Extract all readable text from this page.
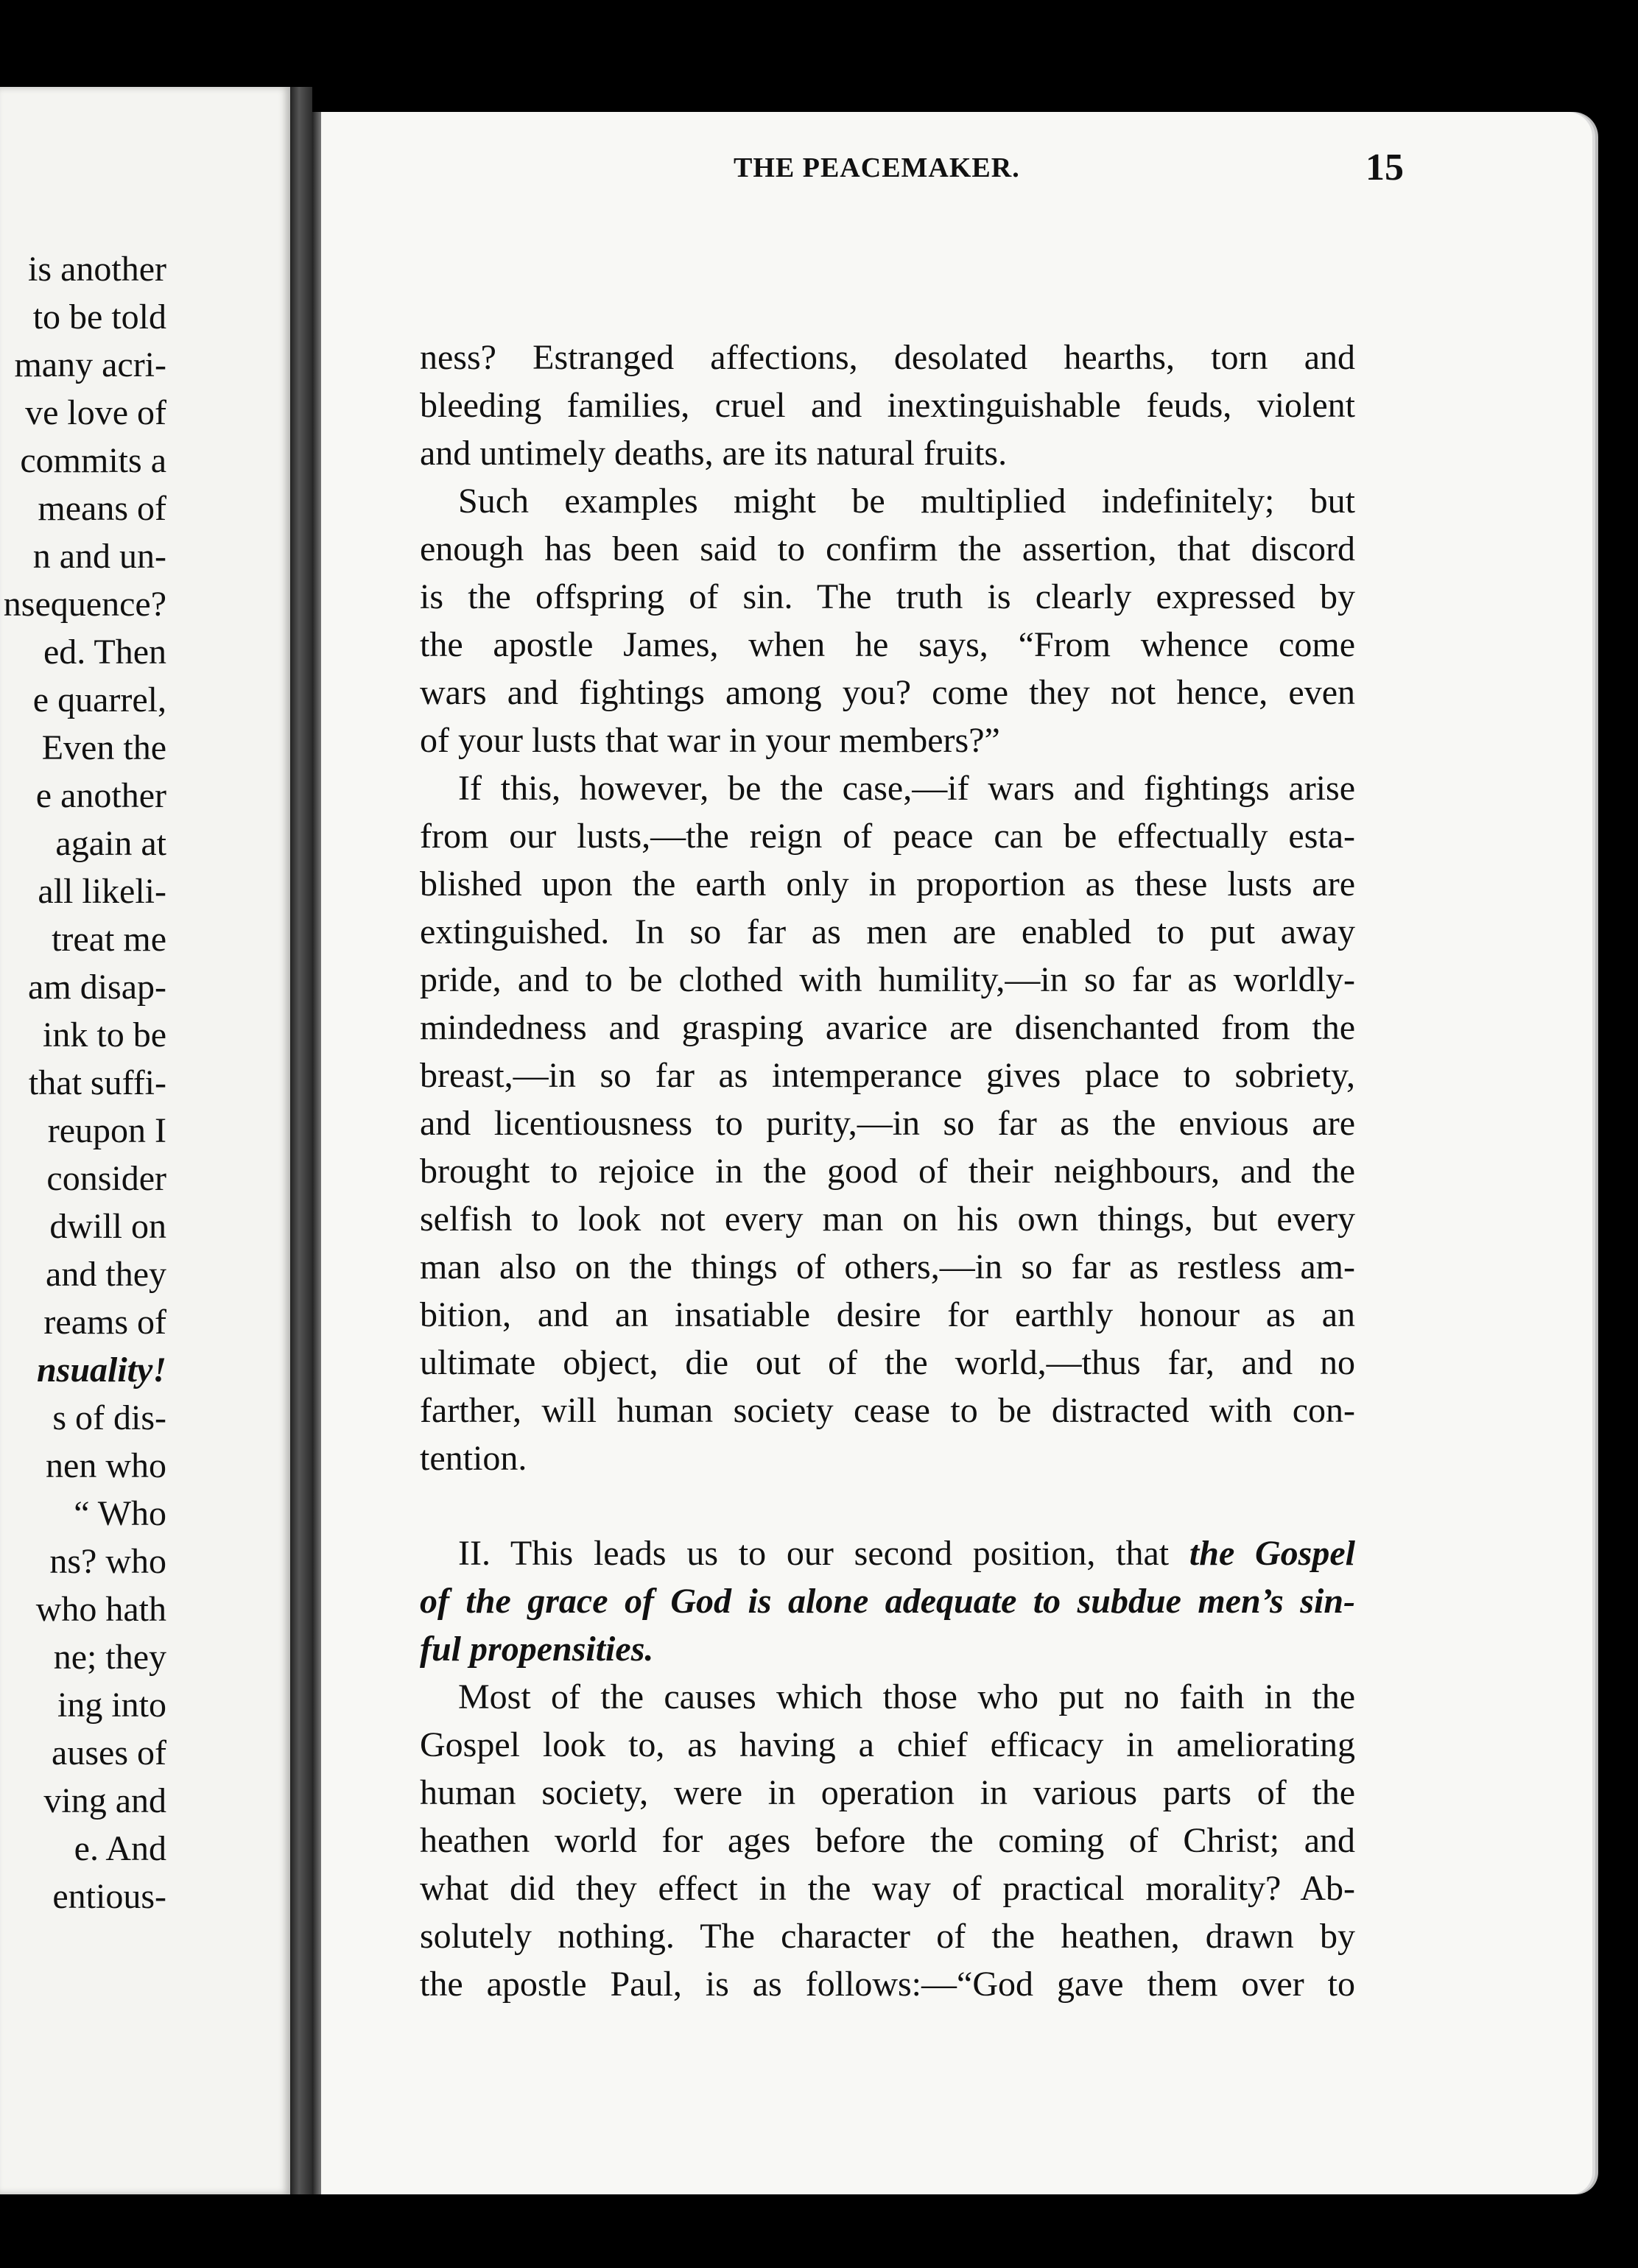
is another
to be told
many acri-
ve love of
commits a
means of
n and un-
nsequence?
ed. Then
e quarrel,
Even the
e another
again at
all likeli-
treat me
am disap-
ink to be
that suffi-
reupon I
consider
dwill on
and they
reams of
nsuality!
s of dis-
nen who
“ Who
ns? who
who hath
ne; they
ing into
auses of
ving and
e. And
entious-
THE PEACEMAKER.	15
ness? Estranged affections, desolated hearths, torn and
bleeding families, cruel and inextinguishable feuds, violent
and untimely deaths, are its natural fruits.
Such examples might be multiplied indefinitely; but
enough has been said to confirm the assertion, that discord
is the offspring of sin. The truth is clearly expressed by
the apostle James, when he says, “From whence come
wars and fightings among you? come they not hence, even
of your lusts that war in your members?”
If this, however, be the case,—if wars and fightings arise
from our lusts,—the reign of peace can be effectually esta-
blished upon the earth only in proportion as these lusts are
extinguished. In so far as men are enabled to put away
pride, and to be clothed with humility,—in so far as worldly-
mindedness and grasping avarice are disenchanted from the
breast,—in so far as intemperance gives place to sobriety,
and licentiousness to purity,—in so far as the envious are
brought to rejoice in the good of their neighbours, and the
selfish to look not every man on his own things, but every
man also on the things of others,—in so far as restless am-
bition, and an insatiable desire for earthly honour as an
ultimate object, die out of the world,—thus far, and no
farther, will human society cease to be distracted with con-
tention.
II. This leads us to our second position, that the Gospel
of the grace of God is alone adequate to subdue men’s sin-
ful propensities.
Most of the causes which those who put no faith in the
Gospel look to, as having a chief efficacy in ameliorating
human society, were in operation in various parts of the
heathen world for ages before the coming of Christ; and
what did they effect in the way of practical morality? Ab-
solutely nothing. The character of the heathen, drawn by
the apostle Paul, is as follows:—“God gave them over to
